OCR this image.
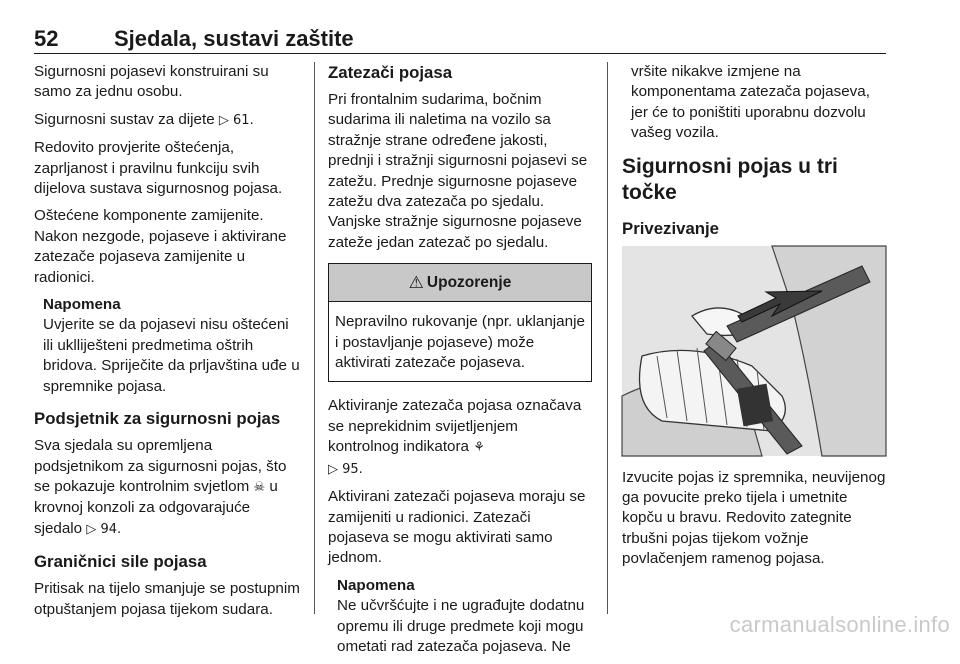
52	Sjedala, sustavi zaštite

Sigurnosni pojasevi konstruirani su samo za jednu osobu.

Sigurnosni sustav za dijete ▷ 61.

Redovito provjerite oštećenja, zaprljanost i pravilnu funkciju svih dijelova sustava sigurnosnog pojasa.

Oštećene komponente zamijenite. Nakon nezgode, pojaseve i aktivirane zatezače pojaseva zamijenite u radionici.

Napomena
Uvjerite se da pojasevi nisu oštećeni ili uklliješteni predmetima oštrih bridova. Spriječite da prljavština uđe u spremnike pojasa.
Podsjetnik za sigurnosni pojas

Sva sjedala su opremljena podsjetnikom za sigurnosni pojas, što se pokazuje kontrolnim svjetlom ☠ u krovnoj konzoli za odgovarajuće sjedalo ▷ 94.

Graničnici sile pojasa

Pritisak na tijelo smanjuje se postupnim otpuštanjem pojasa tijekom sudara.

Zatezači pojasa

Pri frontalnim sudarima, bočnim sudarima ili naletima na vozilo sa stražnje strane određene jakosti, prednji i stražnji sigurnosni pojasevi se zatežu. Prednje sigurnosne pojaseve zatežu dva zatezača po sjedalu. Vanjske stražnje sigurnosne pojaseve zateže jedan zatezač po sjedalu.

⚠ Upozorenje
Nepravilno rukovanje (npr. uklanjanje i postavljanje pojaseve) može aktivirati zatezače pojaseva.

Aktiviranje zatezača pojasa označava se neprekidnim svijetljenjem kontrolnog indikatora ⚘
▷ 95.

Aktivirani zatezači pojaseva moraju se zamijeniti u radionici. Zatezači pojaseva se mogu aktivirati samo jednom.

Napomena
Ne učvršćujte i ne ugrađujte dodatnu opremu ili druge predmete koji mogu ometati rad zatezača pojaseva. Ne

vršite nikakve izmjene na komponentama zatezača pojaseva, jer će to poništiti uporabnu dozvolu vašeg vozila.

Sigurnosni pojas u tri točke
Privezivanje

Izvucite pojas iz spremnika, neuvijenog ga povucite preko tijela i umetnite kopču u bravu. Redovito zategnite trbušni pojas tijekom vožnje povlačenjem ramenog pojasa.

carmanualsonline.info
